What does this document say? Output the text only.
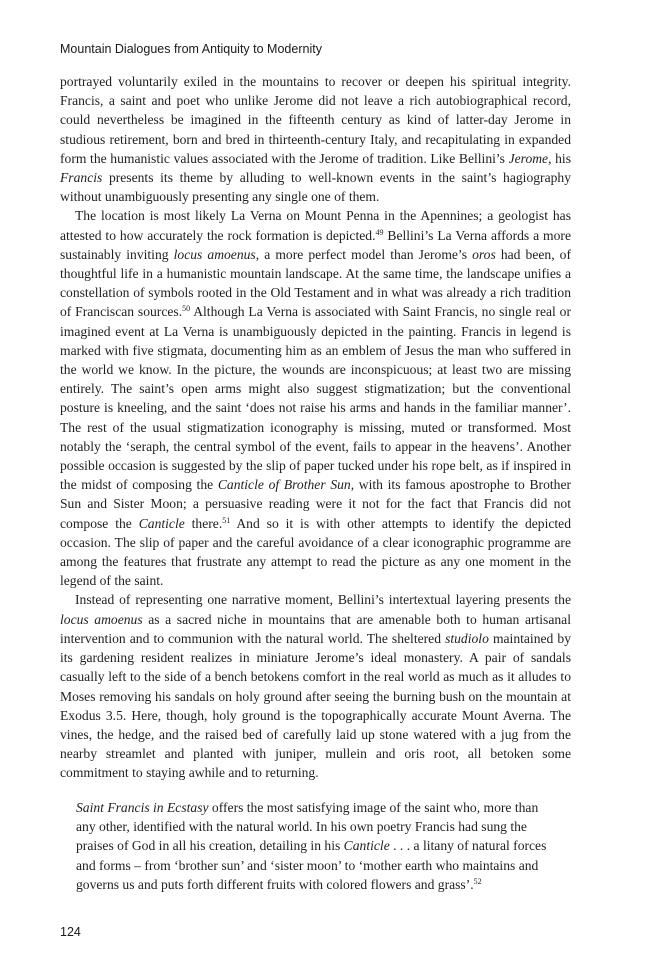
Mountain Dialogues from Antiquity to Modernity

portrayed voluntarily exiled in the mountains to recover or deepen his spiritual integrity. Francis, a saint and poet who unlike Jerome did not leave a rich autobiographical record, could nevertheless be imagined in the fifteenth century as kind of latter-day Jerome in studious retirement, born and bred in thirteenth-century Italy, and recapitulating in expanded form the humanistic values associated with the Jerome of tradition. Like Bellini’s Jerome, his Francis presents its theme by alluding to well-known events in the saint’s hagiography without unambiguously presenting any single one of them.

The location is most likely La Verna on Mount Penna in the Apennines; a geologist has attested to how accurately the rock formation is depicted.$^{49}$ Bellini’s La Verna affords a more sustainably inviting locus amoenus, a more perfect model than Jerome’s oros had been, of thoughtful life in a humanistic mountain landscape. At the same time, the landscape unifies a constellation of symbols rooted in the Old Testament and in what was already a rich tradition of Franciscan sources.$^{50}$ Although La Verna is associated with Saint Francis, no single real or imagined event at La Verna is unambiguously depicted in the painting. Francis in legend is marked with five stigmata, documenting him as an emblem of Jesus the man who suffered in the world we know. In the picture, the wounds are inconspicuous; at least two are missing entirely. The saint’s open arms might also suggest stigmatization; but the conventional posture is kneeling, and the saint ‘does not raise his arms and hands in the familiar manner’. The rest of the usual stigmatization iconography is missing, muted or transformed. Most notably the ‘seraph, the central symbol of the event, fails to appear in the heavens’. Another possible occasion is suggested by the slip of paper tucked under his rope belt, as if inspired in the midst of composing the Canticle of Brother Sun, with its famous apostrophe to Brother Sun and Sister Moon; a persuasive reading were it not for the fact that Francis did not compose the Canticle there.$^{51}$ And so it is with other attempts to identify the depicted occasion. The slip of paper and the careful avoidance of a clear iconographic programme are among the features that frustrate any attempt to read the picture as any one moment in the legend of the saint.

Instead of representing one narrative moment, Bellini’s intertextual layering presents the locus amoenus as a sacred niche in mountains that are amenable both to human artisanal intervention and to communion with the natural world. The sheltered studiolo maintained by its gardening resident realizes in miniature Jerome’s ideal monastery. A pair of sandals casually left to the side of a bench betokens comfort in the real world as much as it alludes to Moses removing his sandals on holy ground after seeing the burning bush on the mountain at Exodus 3.5. Here, though, holy ground is the topographically accurate Mount Averna. The vines, the hedge, and the raised bed of carefully laid up stone watered with a jug from the nearby streamlet and planted with juniper, mullein and oris root, all betoken some commitment to staying awhile and to returning.

Saint Francis in Ecstasy offers the most satisfying image of the saint who, more than any other, identified with the natural world. In his own poetry Francis had sung the praises of God in all his creation, detailing in his Canticle . . . a litany of natural forces and forms – from ‘brother sun’ and ‘sister moon’ to ‘mother earth who maintains and governs us and puts forth different fruits with colored flowers and grass’.$^{52}$

124
